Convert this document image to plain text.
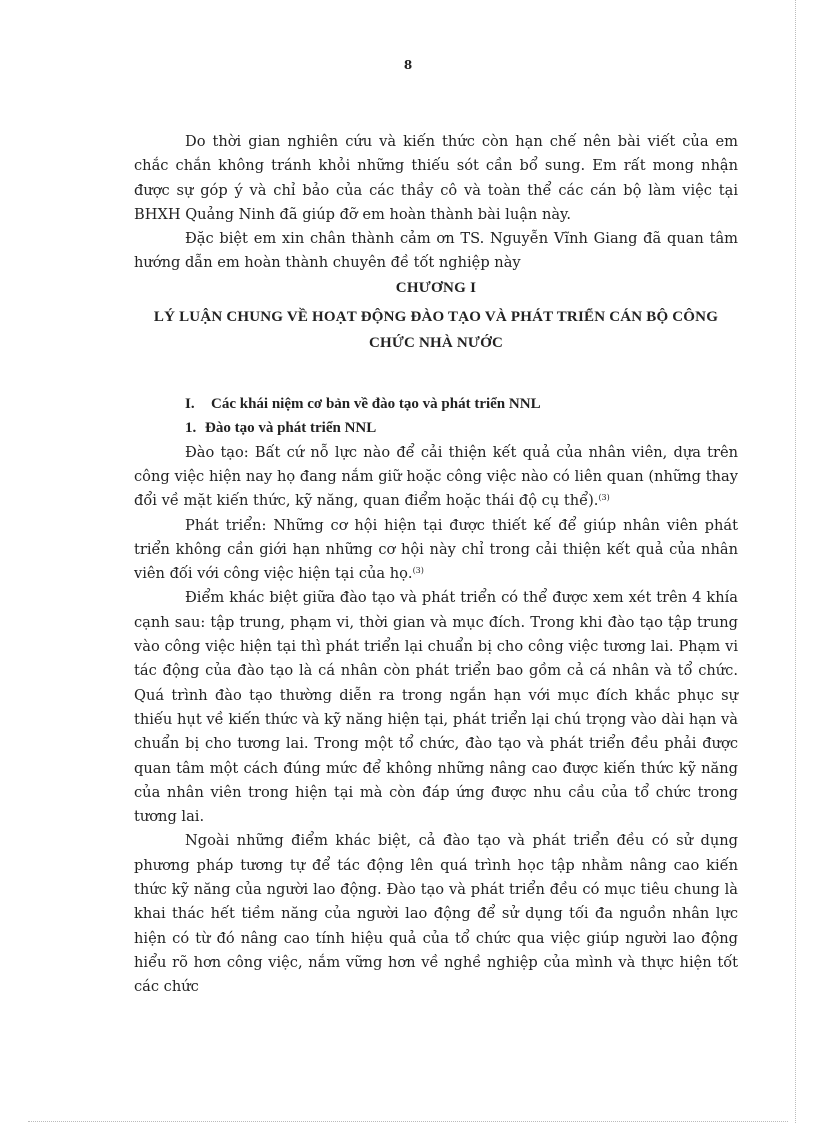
8

Do thời gian nghiên cứu và kiến thức còn hạn chế nên bài viết của em chắc chắn không tránh khỏi những thiếu sót cần bổ sung. Em rất mong nhận được sự góp ý và chỉ bảo của các thầy cô và toàn thể các cán bộ làm việc tại BHXH Quảng Ninh đã giúp đỡ em hoàn thành bài luận này.

Đặc biệt em xin chân thành cảm ơn TS. Nguyễn Vĩnh Giang đã quan tâm hướng dẫn em hoàn thành chuyên đề tốt nghiệp này

CHƯƠNG I

LÝ LUẬN CHUNG VỀ HOẠT ĐỘNG ĐÀO TẠO VÀ PHÁT TRIỂN CÁN BỘ CÔNG CHỨC NHÀ NƯỚC

I. Các khái niệm cơ bản về đào tạo và phát triển NNL

1. Đào tạo và phát triển NNL

Đào tạo: Bất cứ nỗ lực nào để cải thiện kết quả của nhân viên, dựa trên công việc hiện nay họ đang nắm giữ hoặc công việc nào có liên quan (những thay đổi về mặt kiến thức, kỹ năng, quan điểm hoặc thái độ cụ thể).$^{(3)}$

Phát triển: Những cơ hội hiện tại được thiết kế để giúp nhân viên phát triển không cần giới hạn những cơ hội này chỉ trong cải thiện kết quả của nhân viên đối với công việc hiện tại của họ.$^{(3)}$

Điểm khác biệt giữa đào tạo và phát triển có thể được xem xét trên 4 khía cạnh sau: tập trung, phạm vi, thời gian và mục đích. Trong khi đào tạo tập trung vào công việc hiện tại thì phát triển lại chuẩn bị cho công việc tương lai. Phạm vi tác động của đào tạo là cá nhân còn phát triển bao gồm cả cá nhân và tổ chức. Quá trình đào tạo thường diễn ra trong ngắn hạn với mục đích khắc phục sự thiếu hụt về kiến thức và kỹ năng hiện tại, phát triển lại chú trọng vào dài hạn và chuẩn bị cho tương lai. Trong một tổ chức, đào tạo và phát triển đều phải được quan tâm một cách đúng mức để không những nâng cao được kiến thức kỹ năng của nhân viên trong hiện tại mà còn đáp ứng được nhu cầu của tổ chức trong tương lai.

Ngoài những điểm khác biệt, cả đào tạo và phát triển đều có sử dụng phương pháp tương tự để tác động lên quá trình học tập nhằm nâng cao kiến thức kỹ năng của người lao động. Đào tạo và phát triển đều có mục tiêu chung là khai thác hết tiềm năng của người lao động để sử dụng tối đa nguồn nhân lực hiện có từ đó nâng cao tính hiệu quả của tổ chức qua việc giúp người lao động hiểu rõ hơn công việc, nắm vững hơn về nghề nghiệp của mình và thực hiện tốt các chức
